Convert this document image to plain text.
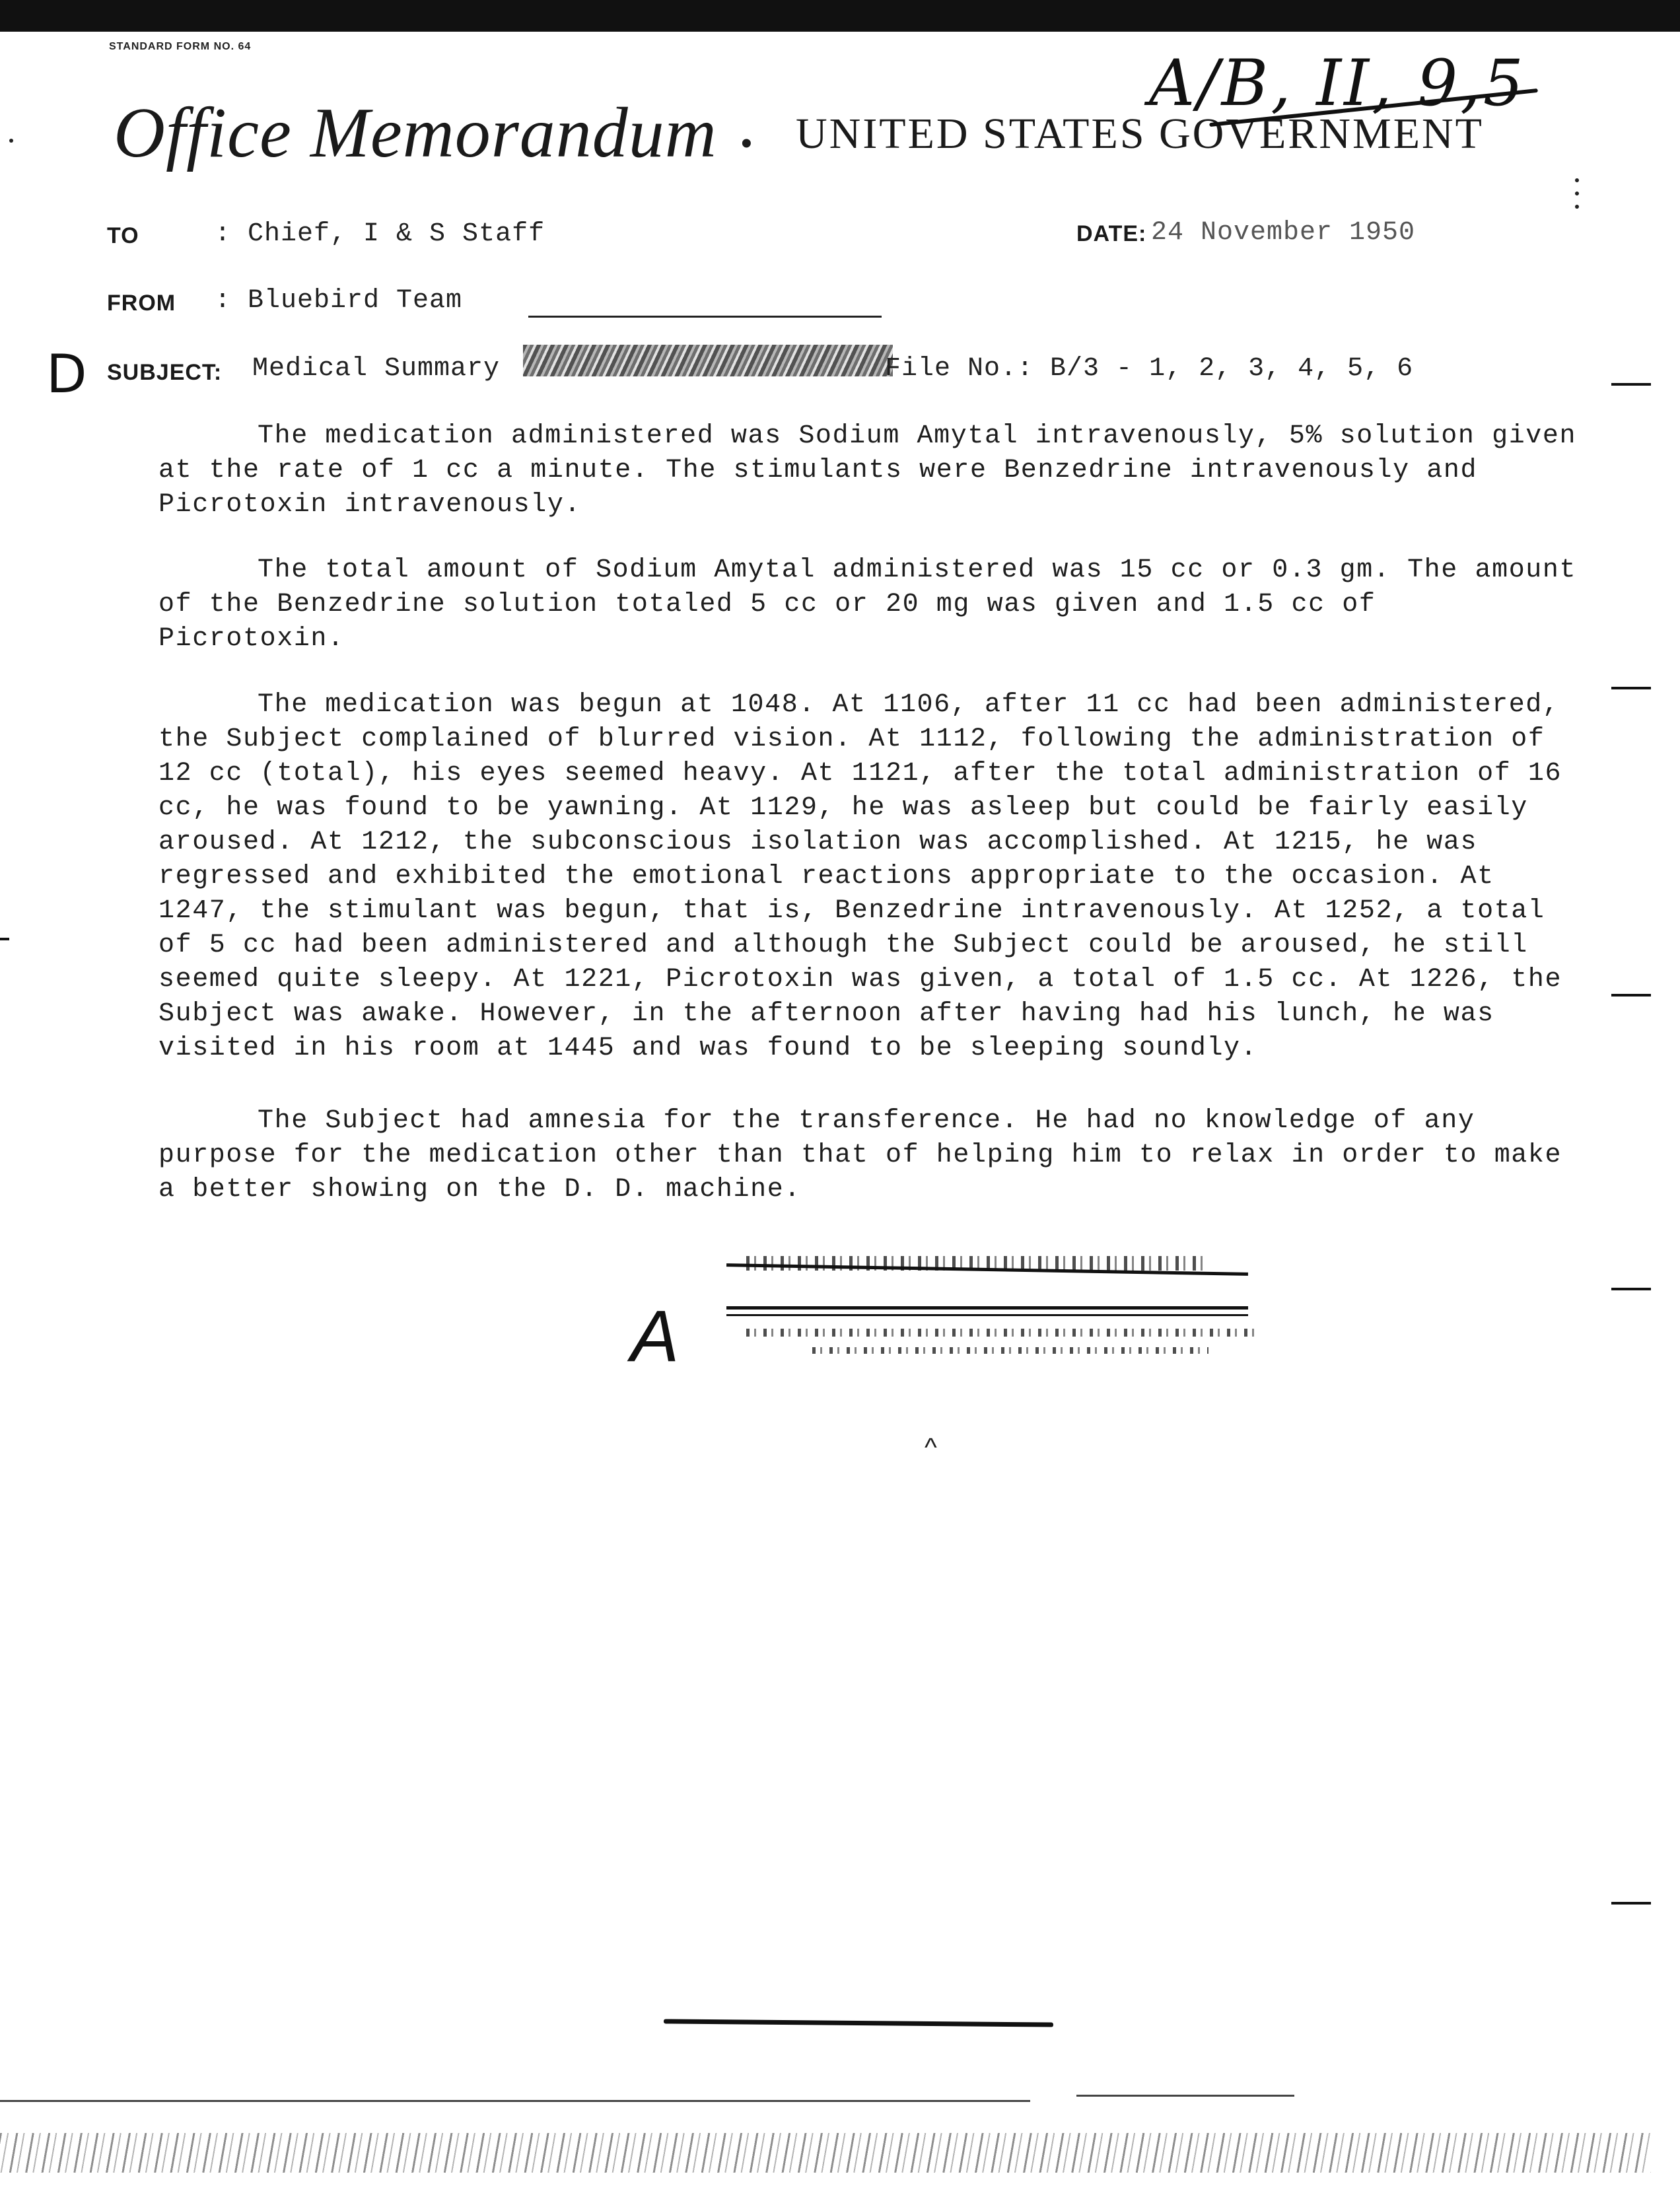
STANDARD FORM NO. 64
Office Memorandum • UNITED STATES GOVERNMENT
A/B, II, 9,5
TO	: Chief, I & S Staff	DATE: 24 November 1950
FROM : Bluebird Team
D SUBJECT: Medical Summary	File No.: B/3 - 1, 2, 3, 4, 5, 6

The medication administered was Sodium Amytal intravenously, 5% solution given at the rate of 1 cc a minute. The stimulants were Benzedrine intravenously and Picrotoxin intravenously.

The total amount of Sodium Amytal administered was 15 cc or 0.3 gm. The amount of the Benzedrine solution totaled 5 cc or 20 mg was given and 1.5 cc of Picrotoxin.

The medication was begun at 1048. At 1106, after 11 cc had been administered, the Subject complained of blurred vision. At 1112, following the administration of 12 cc (total), his eyes seemed heavy. At 1121, after the total administration of 16 cc, he was found to be yawning. At 1129, he was asleep but could be fairly easily aroused. At 1212, the subconscious isolation was accomplished. At 1215, he was regressed and exhibited the emotional reactions appropriate to the occasion. At 1247, the stimulant was begun, that is, Benzedrine intravenously. At 1252, a total of 5 cc had been administered and although the Subject could be aroused, he still seemed quite sleepy. At 1221, Picrotoxin was given, a total of 1.5 cc. At 1226, the Subject was awake. However, in the afternoon after having had his lunch, he was visited in his room at 1445 and was found to be sleeping soundly.

The Subject had amnesia for the transference. He had no knowledge of any purpose for the medication other than that of helping him to relax in order to make a better showing on the D. D. machine.

A
^
